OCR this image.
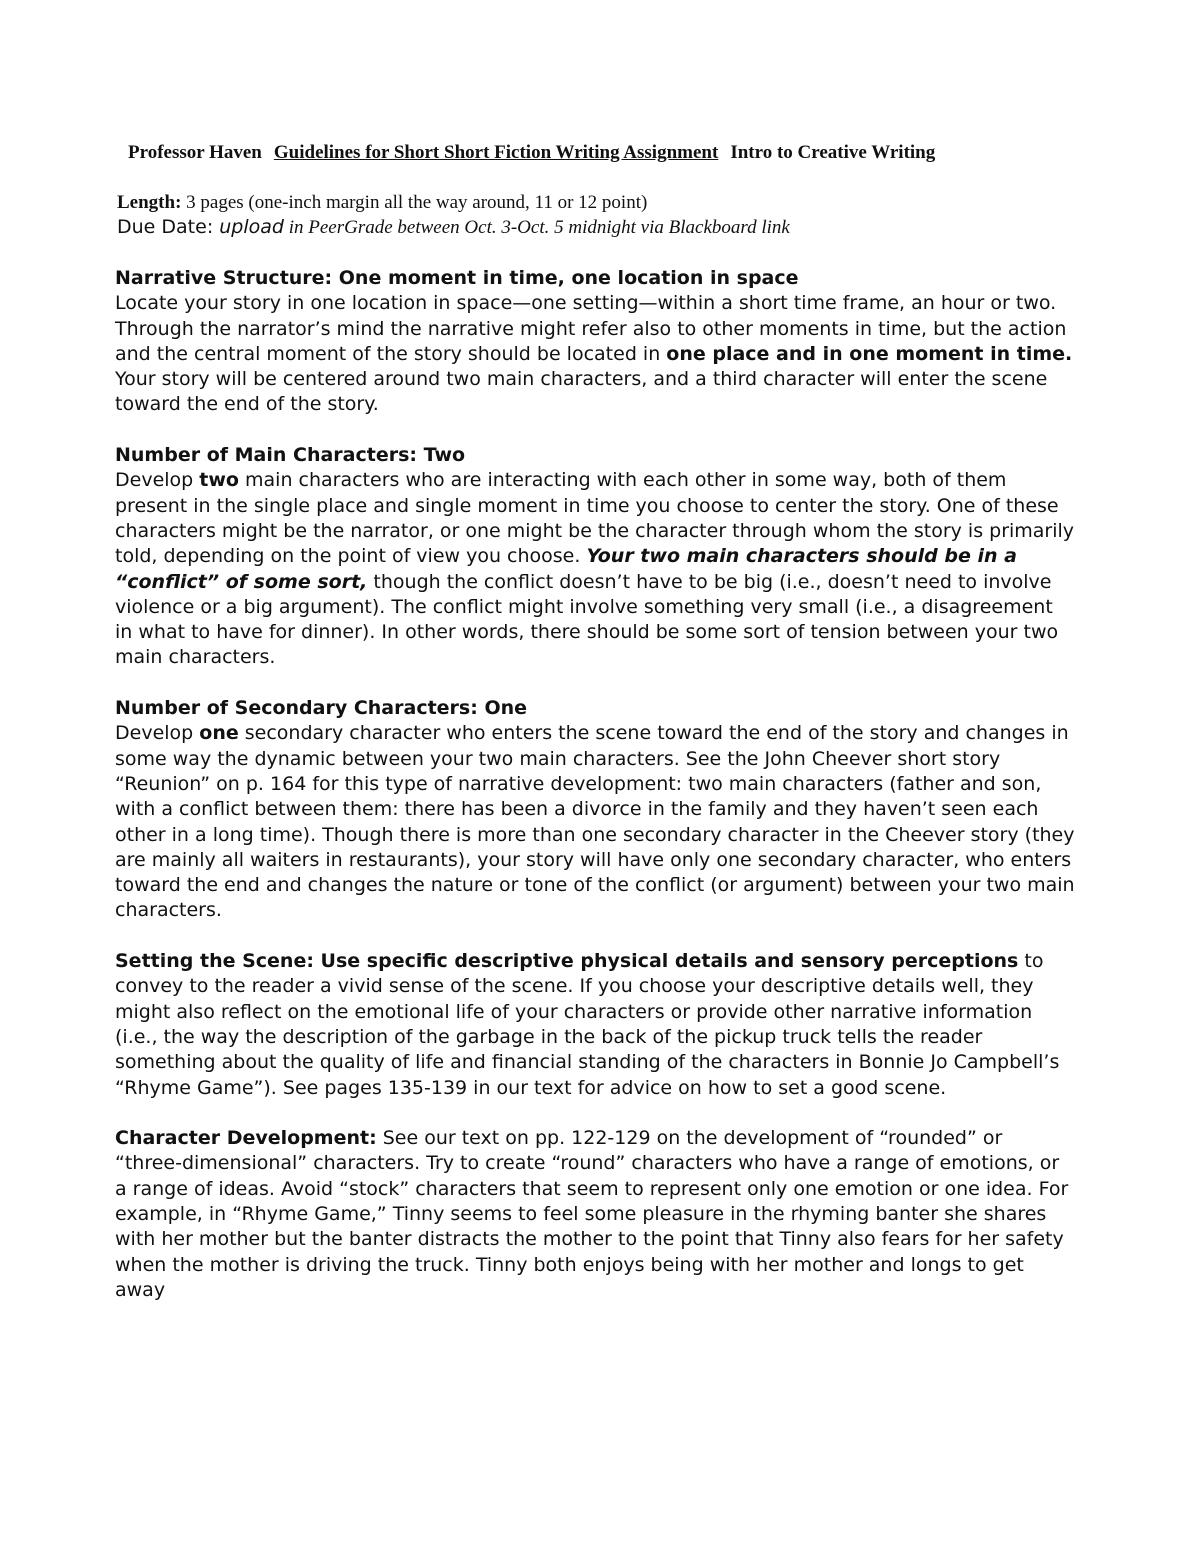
Professor Haven Guidelines for Short Short Fiction Writing Assignment Intro to Creative Writing
Length: 3 pages (one-inch margin all the way around, 11 or 12 point)
Due Date: upload in PeerGrade between Oct. 3-Oct. 5 midnight via Blackboard link
Narrative Structure: One moment in time, one location in space

Locate your story in one location in space—one setting—within a short time frame, an hour or two. Through the narrator’s mind the narrative might refer also to other moments in time, but the action and the central moment of the story should be located in one place and in one moment in time. Your story will be centered around two main characters, and a third character will enter the scene toward the end of the story.

Number of Main Characters: Two

Develop two main characters who are interacting with each other in some way, both of them present in the single place and single moment in time you choose to center the story. One of these characters might be the narrator, or one might be the character through whom the story is primarily told, depending on the point of view you choose. Your two main characters should be in a “conflict” of some sort, though the conflict doesn’t have to be big (i.e., doesn’t need to involve violence or a big argument). The conflict might involve something very small (i.e., a disagreement in what to have for dinner). In other words, there should be some sort of tension between your two main characters.

Number of Secondary Characters: One

Develop one secondary character who enters the scene toward the end of the story and changes in some way the dynamic between your two main characters. See the John Cheever short story “Reunion” on p. 164 for this type of narrative development: two main characters (father and son, with a conflict between them: there has been a divorce in the family and they haven’t seen each other in a long time). Though there is more than one secondary character in the Cheever story (they are mainly all waiters in restaurants), your story will have only one secondary character, who enters toward the end and changes the nature or tone of the conflict (or argument) between your two main characters.

Setting the Scene: Use specific descriptive physical details and sensory perceptions to convey to the reader a vivid sense of the scene. If you choose your descriptive details well, they might also reflect on the emotional life of your characters or provide other narrative information (i.e., the way the description of the garbage in the back of the pickup truck tells the reader something about the quality of life and financial standing of the characters in Bonnie Jo Campbell’s “Rhyme Game”). See pages 135-139 in our text for advice on how to set a good scene.

Character Development: See our text on pp. 122-129 on the development of “rounded” or “three-dimensional” characters. Try to create “round” characters who have a range of emotions, or a range of ideas. Avoid “stock” characters that seem to represent only one emotion or one idea. For example, in “Rhyme Game,” Tinny seems to feel some pleasure in the rhyming banter she shares with her mother but the banter distracts the mother to the point that Tinny also fears for her safety when the mother is driving the truck. Tinny both enjoys being with her mother and longs to get away
